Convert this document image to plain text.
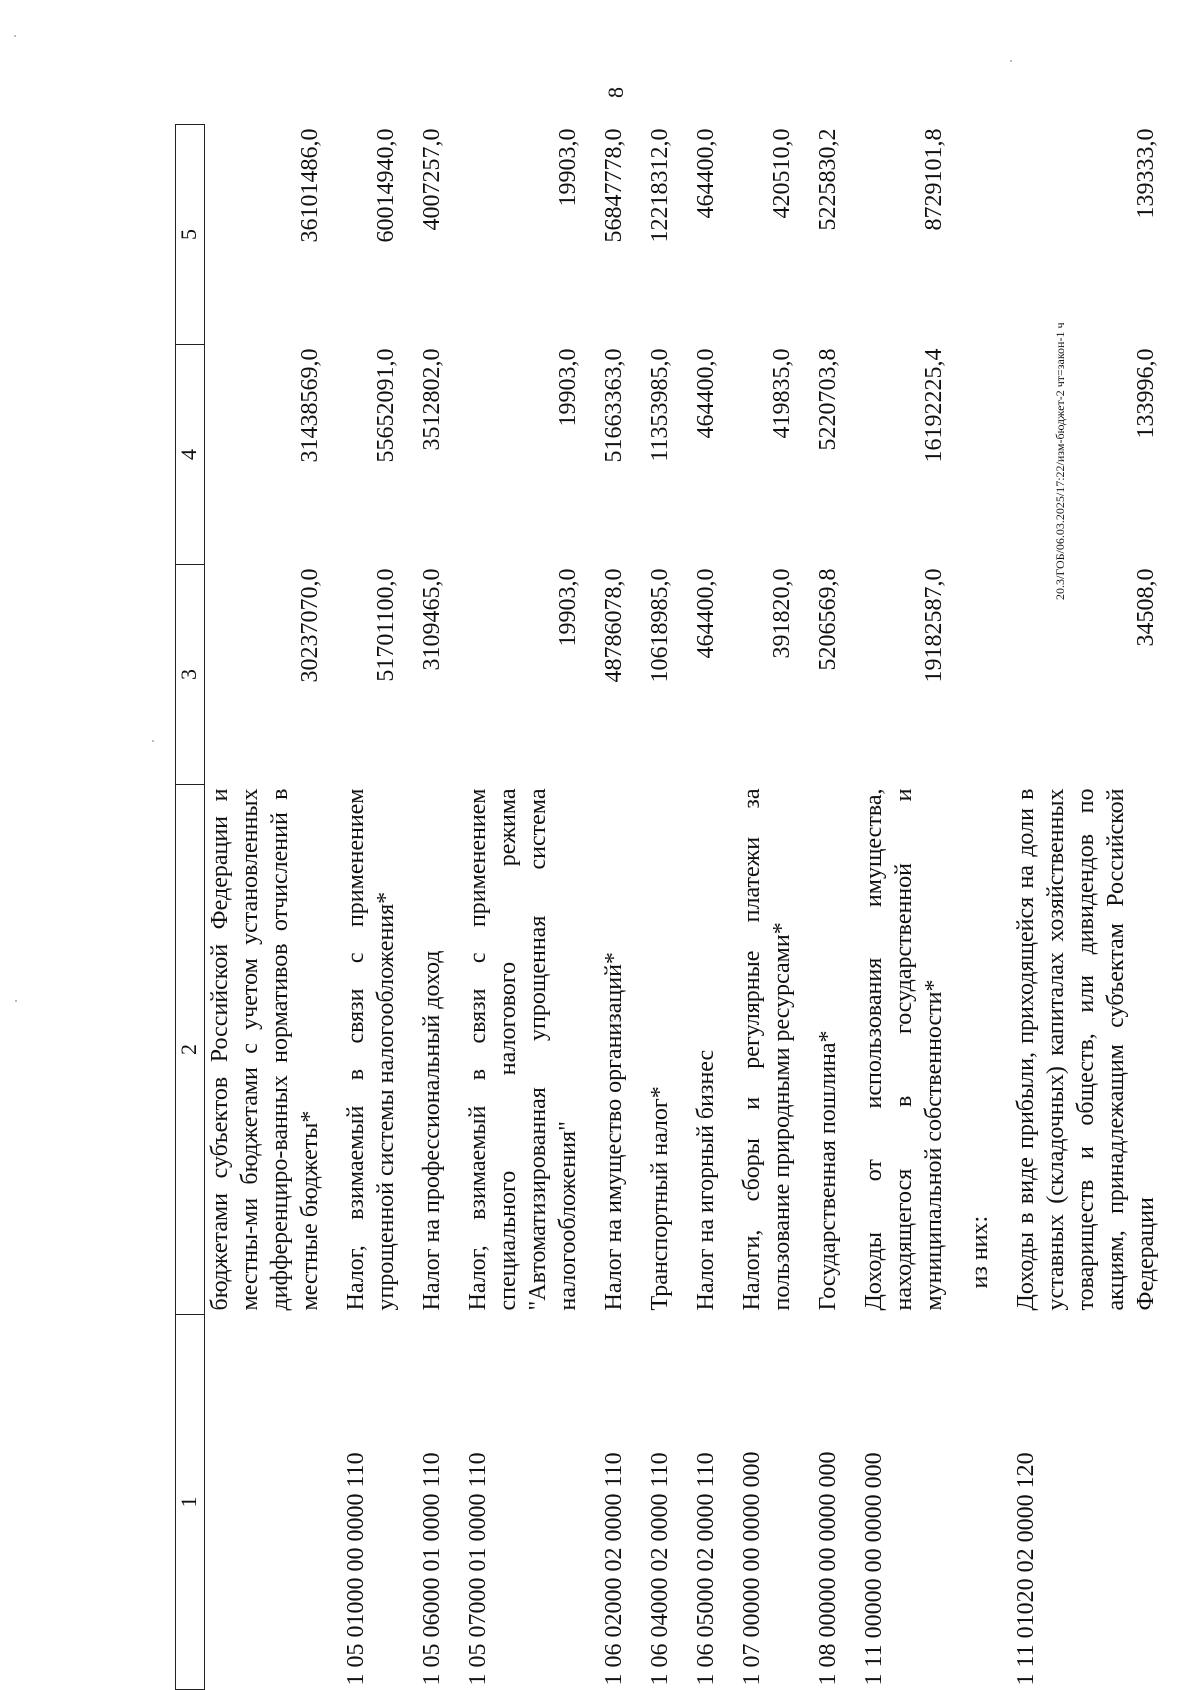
8
1	2	3	4	5
	бюджетами субъектов Российской Федерации и местны-ми бюджетами с учетом установленных дифференциро-ванных нормативов отчислений в местные бюджеты*	30237070,0	31438569,0	36101486,0
1 05 01000 00 0000 110	Налог, взимаемый в связи с применением упрощенной системы налогообложения*	51701100,0	55652091,0	60014940,0
1 05 06000 01 0000 110	Налог на профессиональный доход	3109465,0	3512802,0	4007257,0
1 05 07000 01 0000 110	Налог, взимаемый в связи с применением специального налогового режима "Автоматизированная упрощенная система налогообложения"	19903,0	19903,0	19903,0
1 06 02000 02 0000 110	Налог на имущество организаций*	48786078,0	51663363,0	56847778,0
1 06 04000 02 0000 110	Транспортный налог*	10618985,0	11353985,0	12218312,0
1 06 05000 02 0000 110	Налог на игорный бизнес	464400,0	464400,0	464400,0
1 07 00000 00 0000 000	Налоги, сборы и регулярные платежи за пользование природными ресурсами*	391820,0	419835,0	420510,0
1 08 00000 00 0000 000	Государственная пошлина*	5206569,8	5220703,8	5225830,2
1 11 00000 00 0000 000	Доходы от использования имущества, находящегося в государственной и муниципальной собственности*	19182587,0	16192225,4	8729101,8
	из них:			
1 11 01020 02 0000 120	Доходы в виде прибыли, приходящейся на доли в уставных (складочных) капиталах хозяйственных товариществ и обществ, или дивидендов по акциям, принадлежащим субъектам Российской Федерации	34508,0	133996,0	139333,0
20.3/ГОБ/06.03.2025/17:22/изм-бюджет-2 чт=закон-1 ч
